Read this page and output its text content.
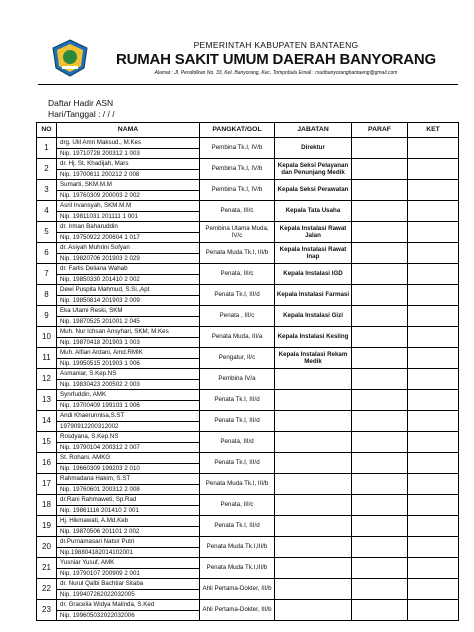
PEMERINTAH KABUPATEN BANTAENG
RUMAH SAKIT UMUM DAERAH BANYORANG
Alamat : Jl. Pendidikan No. 33, Kel. Banyorang, Kec. Tompobulu Email : rsudbanyorangbantaeng@gmail.com
Daftar Hadir ASN
Hari/Tanggal : / / /
NO	NAMA	PANGKAT/GOL	JABATAN	PARAF	KET
1	drg. Ulil Amri Maksud., M.Kes
Nip. 19710728 200312 1 003	Pembina Tk.I, IV/b	Direktur		
2	dr. Hj. St. Khadijah, Mars
Nip. 19700611 200212 2 008	Pembina Tk.I, IV/b	Kepala Seksi Pelayanan dan Penunjang Medik		
3	Sumarti, SKM.M.M
Nip. 19760309 200003 2 002	Pembina Tk.I, IV/b	Kepala Seksi Perawatan		
4	Asril Irvansyah, SKM.M.M
Nip. 19811031 201111 1 001	Penata, III/c	Kepala Tata Usaha		
5	dr. Irman Baharuddin
Nip. 19750922 200604 1 017	Pembina Utama Muda, IV/c	Kepala Instalasi Rawat Jalan		
6	dr. Asiyah Muhrini Sofyan
Nip. 19820706 201903 2 029	Penata Muda Tk.I, III/b	Kepala Instalasi Rawat Inap		
7	dr. Farlis Deliana Wahab
Nip. 19850330 201410 2 002	Penata, III/c	Kepala Instalasi IGD		
8	Dewi Puspita Mahmud, S.Si.,Apt
Nip. 19850814 201903 2 009	Penata Tk.I, III/d	Kepala Instalasi Farmasi		
9	Eka Utami Reski, SKM
Nip. 19870525 201001 2 045	Penata , III/c	Kepala Instalasi Gizi		
10	Muh. Nur Ichsan Ansyhari, SKM, M.Kes
Nip. 19870418 201903 1 003	Penata Muda, III/a	Kepala Instalasi Kesling		
11	Muh. Alfian Ardani, Amd.RMIK
Nip. 19950515 201903 1 006	Pengatur, II/c	Kepala Instalasi Rekam Medik		
12	Asmaniar, S.Kep.NS
Nip. 19830423 200502 2 003	Pembina IV/a			
13	Synrfuddin, AMK
Nip. 19700409 199103 1 006	Penata Tk.I, III/d			
14	Andi Khaerunnisa,S.ST
19790912200312002	Penata Tk.I, III/d			
15	Rosdyana, S.Kep.NS
Nip. 19790104 200312 2 007	Penata, III/d			
16	St. Rohani. AMKG
Nip. 19660309 199203 2 010	Penata Tk.I, III/d			
17	Rahmadana Hakim, S.ST
Nip. 19760601 200312 2 008	Penata Muda Tk.I, III/b			
18	dr.Rani Rahmaweti, Sp.Rad
Nip. 19861116 201410 2 001	Penata, III/c			
19	Hj. Hikmawati, A.Md.Keb
Nip. 19870506 201101 2 002	Penata Tk.I, III/d			
20	dr.Purnamasari Natsir Putri
Nip.198804182014102001	Penata Muda Tk.I,III/b			
21	Yusniar Yusuf, AMK
Nip. 19790107 200909 2 001	Penata Muda Tk.I,III/b			
22	dr. Nurul Qalbi Bachtiar Sitaba
Nip. 199407262022032005	Ahli Pertama-Dokter, III/b			
23	dr. Gracelia Widya Malinda, S.Ked
Nip. 199605032022032006	Ahli Pertama-Dokter, III/b			
